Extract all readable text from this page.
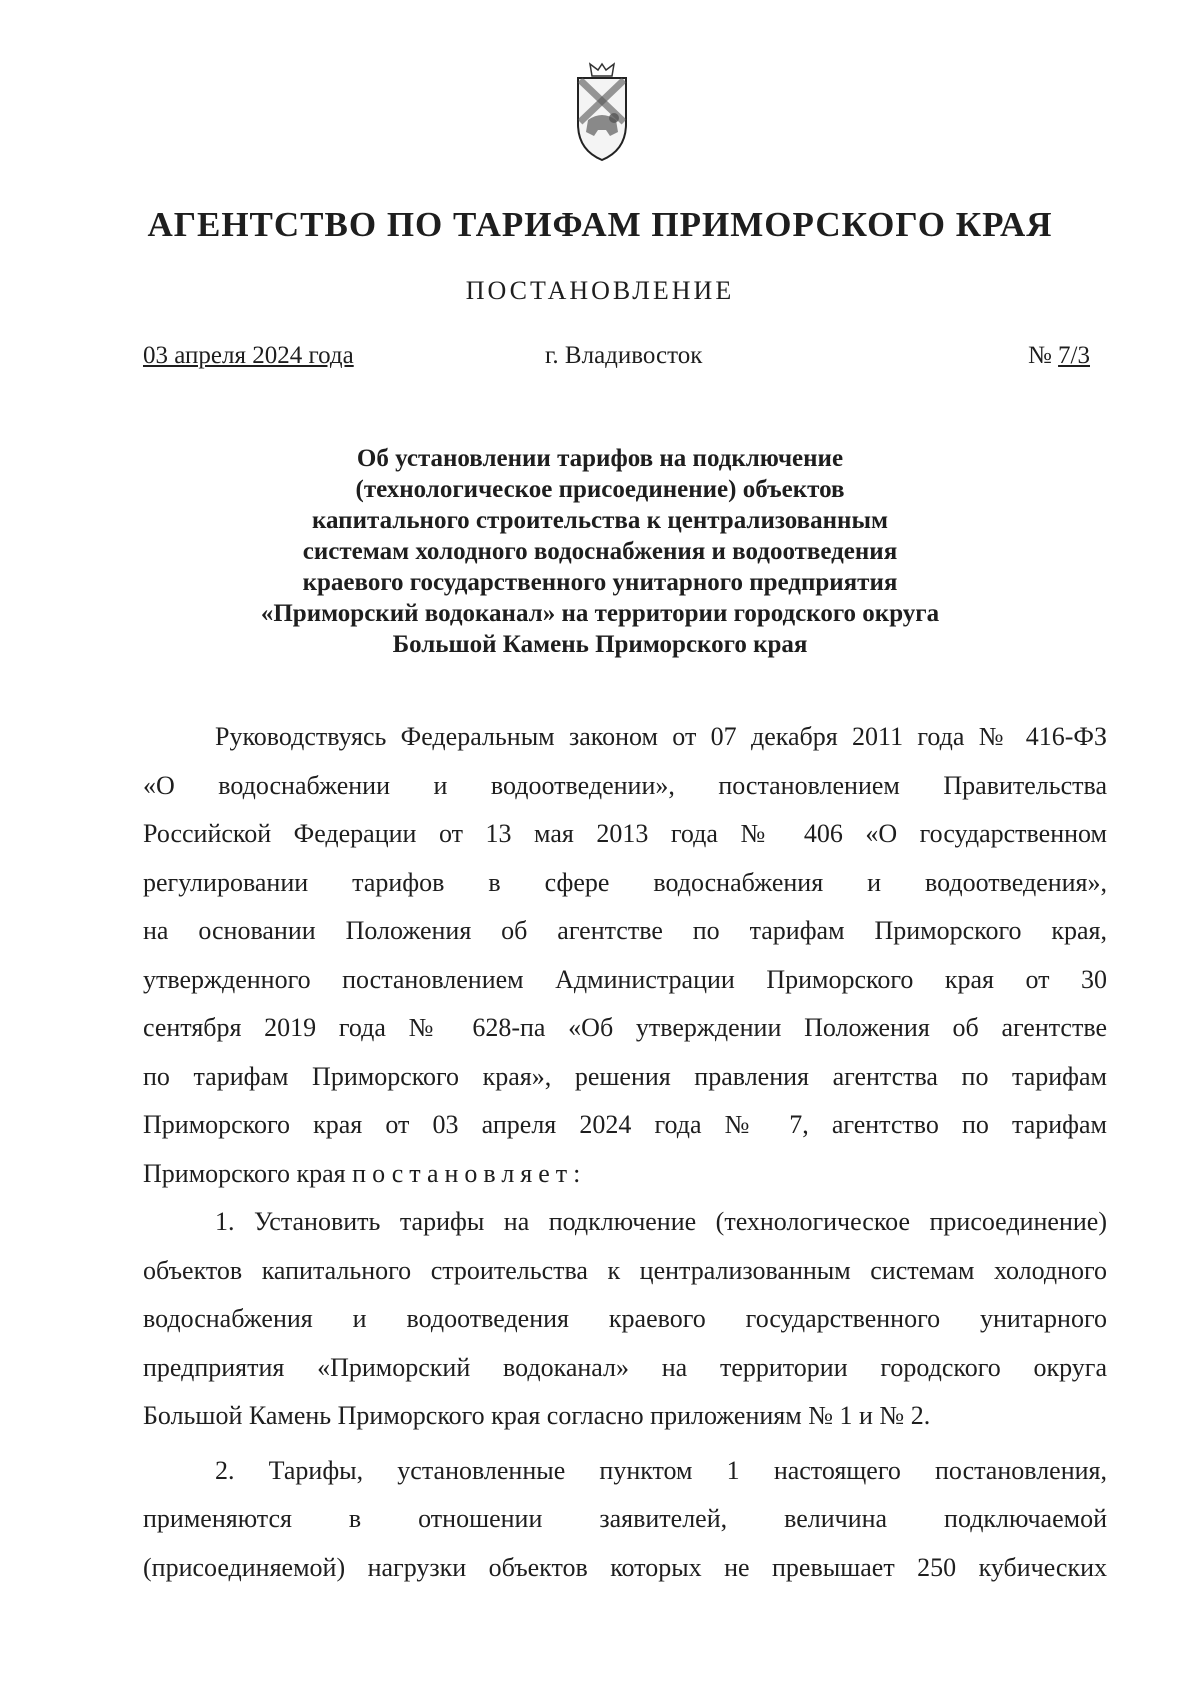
АГЕНТСТВО ПО ТАРИФАМ ПРИМОРСКОГО КРАЯ
ПОСТАНОВЛЕНИЕ
03 апреля 2024 года	г. Владивосток	№ 7/3
Об установлении тарифов на подключение
(технологическое присоединение) объектов
капитального строительства к централизованным
системам холодного водоснабжения и водоотведения
краевого государственного унитарного предприятия
«Приморский водоканал» на территории городского округа
Большой Камень Приморского края
Руководствуясь Федеральным законом от 07 декабря 2011 года № 416-ФЗ
«О водоснабжении и водоотведении», постановлением Правительства
Российской Федерации от 13 мая 2013 года № 406 «О государственном
регулировании тарифов в сфере водоснабжения и водоотведения»,
на основании Положения об агентстве по тарифам Приморского края,
утвержденного постановлением Администрации Приморского края от 30
сентября 2019 года № 628-па «Об утверждении Положения об агентстве
по тарифам Приморского края», решения правления агентства по тарифам
Приморского края от 03 апреля 2024 года № 7, агентство по тарифам
Приморского края постановляет:
1. Установить тарифы на подключение (технологическое присоединение)
объектов капитального строительства к централизованным системам холодного
водоснабжения и водоотведения краевого государственного унитарного
предприятия «Приморский водоканал» на территории городского округа
Большой Камень Приморского края согласно приложениям № 1 и № 2.
2. Тарифы, установленные пунктом 1 настоящего постановления,
применяются в отношении заявителей, величина подключаемой
(присоединяемой) нагрузки объектов которых не превышает 250 кубических
